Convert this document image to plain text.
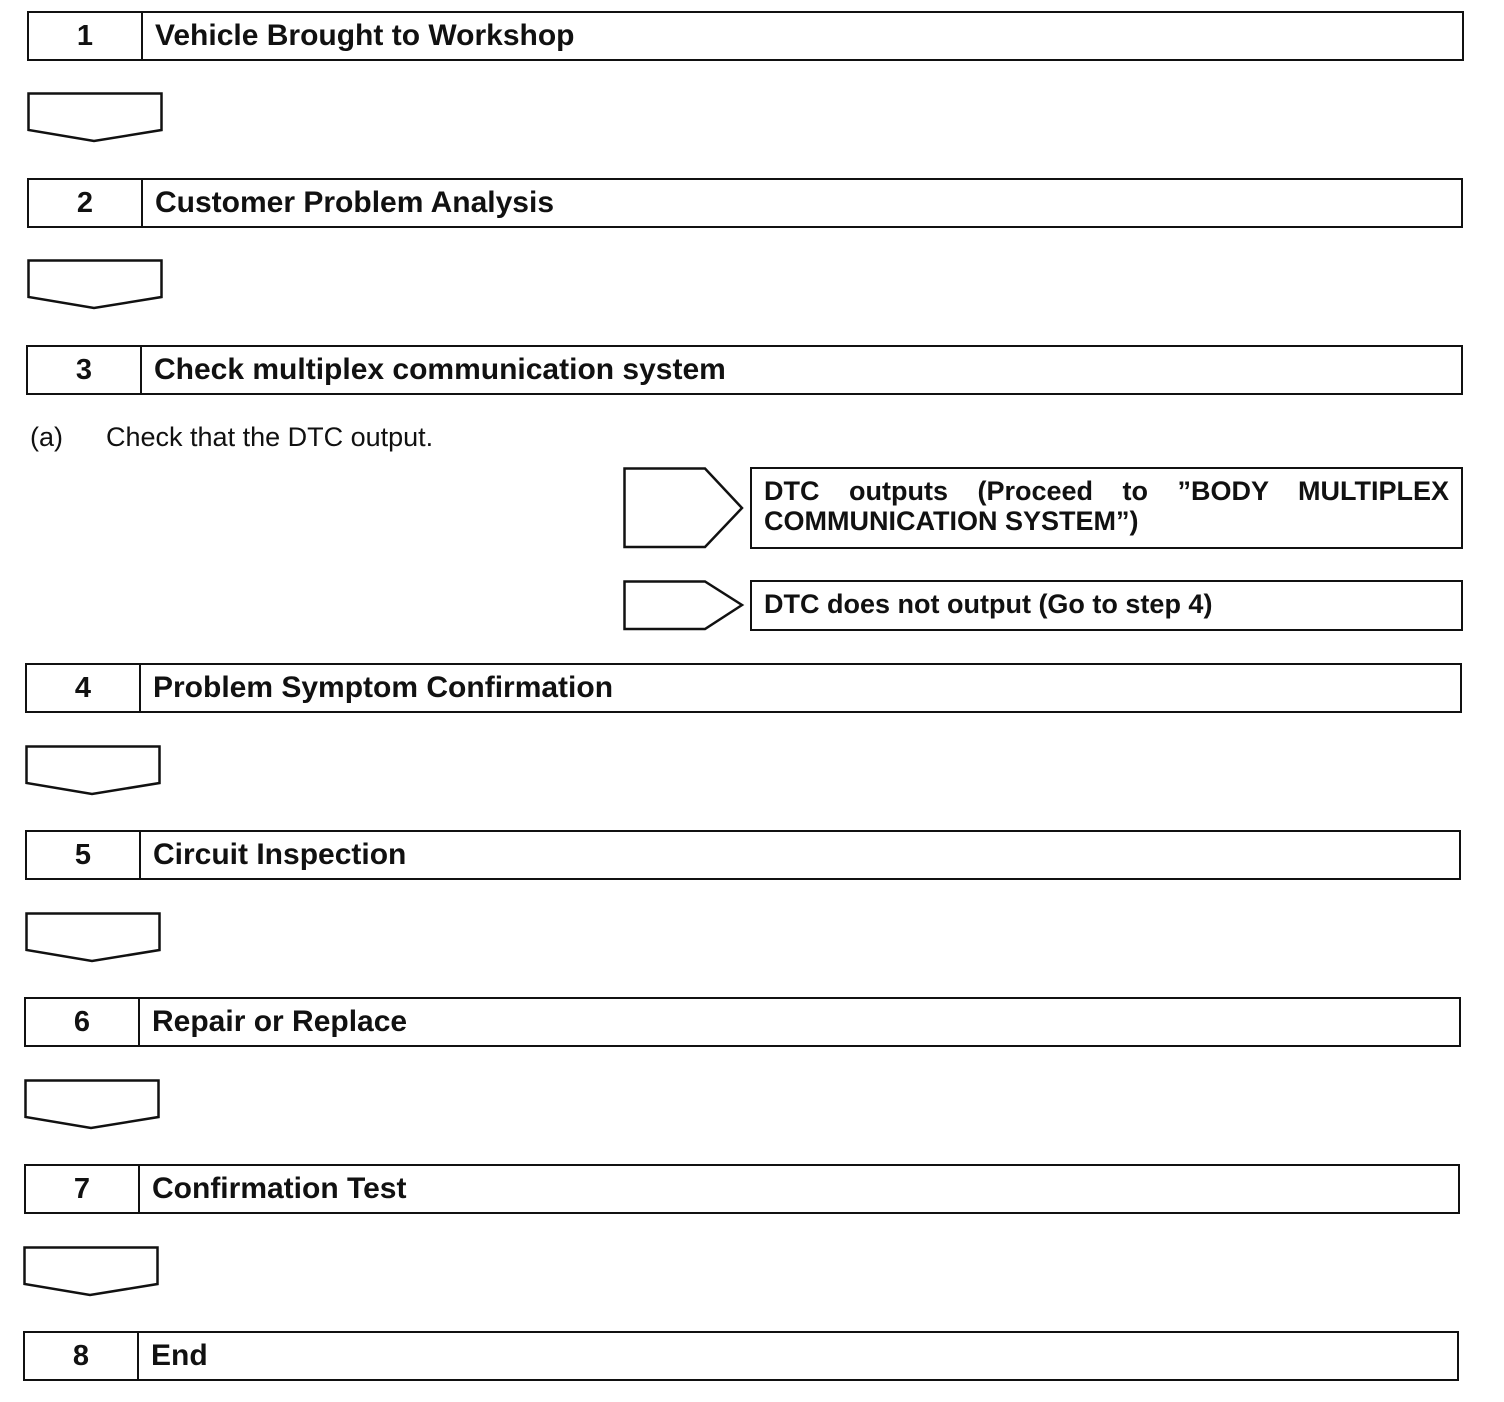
1	Vehicle Brought to Workshop
2	Customer Problem Analysis
3	Check multiplex communication system
(a) Check that the DTC output.
DTC outputs (Proceed to ”BODY MULTIPLEX COMMUNICATION SYSTEM”)
DTC does not output (Go to step 4)
4	Problem Symptom Confirmation
5	Circuit Inspection
6	Repair or Replace
7	Confirmation Test
8	End
